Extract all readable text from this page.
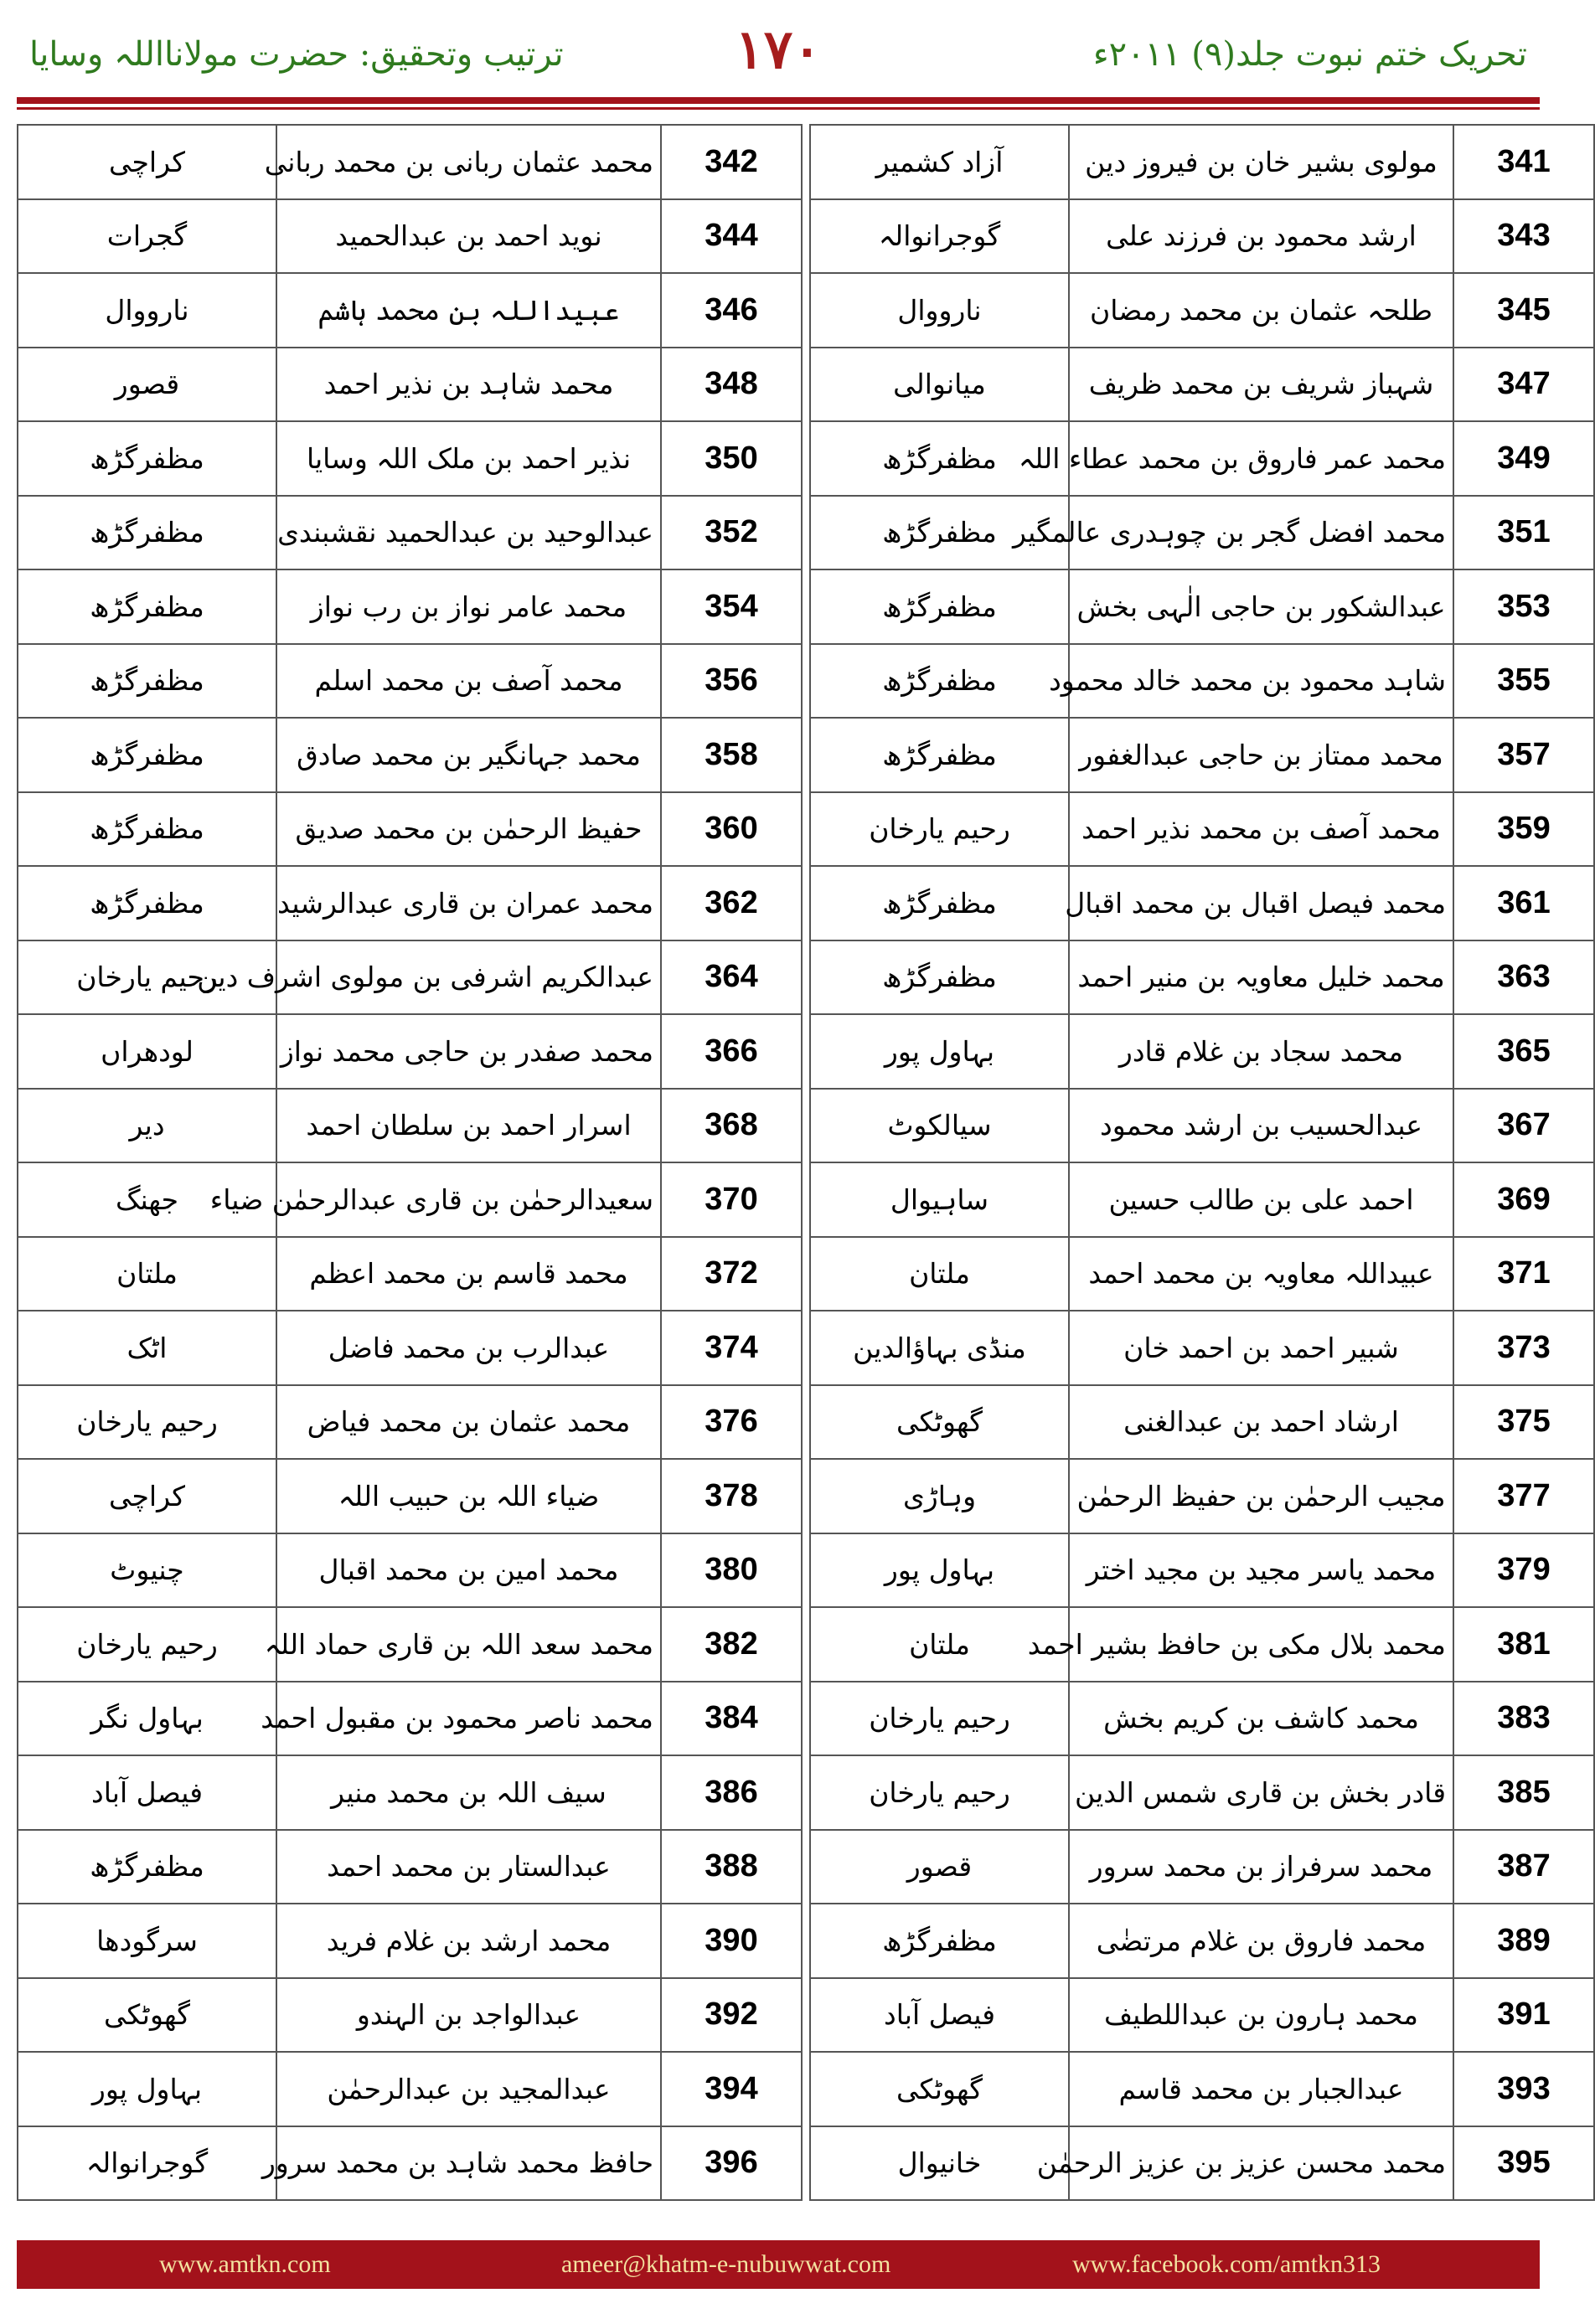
ترتیب وتحقیق: حضرت مولانااللہ وسایا	۱۷۰	تحریک ختم نبوت جلد(۹) ۲۰۱۱ء
341	مولوی بشیر خان بن فیروز دین	آزاد کشمیر		342	محمد عثمان ربانی بن محمد ربانی	کراچی
343	ارشد محمود بن فرزند علی	گوجرانوالہ		344	نوید احمد بن عبدالحمید	گجرات
345	طلحہ عثمان بن محمد رمضان	نارووال		346	عبیداللہ بن محمد ہاشم	نارووال
347	شہباز شریف بن محمد ظریف	میانوالی		348	محمد شاہد بن نذیر احمد	قصور
349	محمد عمر فاروق بن محمد عطاء اللہ	مظفرگڑھ		350	نذیر احمد بن ملک اللہ وسایا	مظفرگڑھ
351	محمد افضل گجر بن چوہدری عالمگیر	مظفرگڑھ		352	عبدالوحید بن عبدالحمید نقشبندی	مظفرگڑھ
353	عبدالشکور بن حاجی الٰہی بخش	مظفرگڑھ		354	محمد عامر نواز بن رب نواز	مظفرگڑھ
355	شاہد محمود بن محمد خالد محمود	مظفرگڑھ		356	محمد آصف بن محمد اسلم	مظفرگڑھ
357	محمد ممتاز بن حاجی عبدالغفور	مظفرگڑھ		358	محمد جہانگیر بن محمد صادق	مظفرگڑھ
359	محمد آصف بن محمد نذیر احمد	رحیم یارخان		360	حفیظ الرحمٰن بن محمد صدیق	مظفرگڑھ
361	محمد فیصل اقبال بن محمد اقبال	مظفرگڑھ		362	محمد عمران بن قاری عبدالرشید	مظفرگڑھ
363	محمد خلیل معاویہ بن منیر احمد	مظفرگڑھ		364	عبدالکریم اشرفی بن مولوی اشرف دین	رحیم یارخان
365	محمد سجاد بن غلام قادر	بہاول پور		366	محمد صفدر بن حاجی محمد نواز	لودھراں
367	عبدالحسیب بن ارشد محمود	سیالکوٹ		368	اسرار احمد بن سلطان احمد	دیر
369	احمد علی بن طالب حسین	ساہیوال		370	سعیدالرحمٰن بن قاری عبدالرحمٰن ضیاء	جھنگ
371	عبیداللہ معاویہ بن محمد احمد	ملتان		372	محمد قاسم بن محمد اعظم	ملتان
373	شبیر احمد بن احمد خان	منڈی بہاؤالدین		374	عبدالرب بن محمد فاضل	اٹک
375	ارشاد احمد بن عبدالغنی	گھوٹکی		376	محمد عثمان بن محمد فیاض	رحیم یارخان
377	مجیب الرحمٰن بن حفیظ الرحمٰن	وہاڑی		378	ضیاء اللہ بن حبیب اللہ	کراچی
379	محمد یاسر مجید بن مجید اختر	بہاول پور		380	محمد امین بن محمد اقبال	چنیوٹ
381	محمد بلال مکی بن حافظ بشیر احمد	ملتان		382	محمد سعد اللہ بن قاری حماد اللہ	رحیم یارخان
383	محمد کاشف بن کریم بخش	رحیم یارخان		384	محمد ناصر محمود بن مقبول احمد	بہاول نگر
385	قادر بخش بن قاری شمس الدین	رحیم یارخان		386	سیف اللہ بن محمد منیر	فیصل آباد
387	محمد سرفراز بن محمد سرور	قصور		388	عبدالستار بن محمد احمد	مظفرگڑھ
389	محمد فاروق بن غلام مرتضٰی	مظفرگڑھ		390	محمد ارشد بن غلام فرید	سرگودھا
391	محمد ہارون بن عبداللطیف	فیصل آباد		392	عبدالواجد بن الہندو	گھوٹکی
393	عبدالجبار بن محمد قاسم	گھوٹکی		394	عبدالمجید بن عبدالرحمٰن	بہاول پور
395	محمد محسن عزیز بن عزیز الرحمٰن	خانیوال		396	حافظ محمد شاہد بن محمد سرور	گوجرانوالہ
www.amtkn.com	ameer@khatm-e-nubuwwat.com	www.facebook.com/amtkn313
